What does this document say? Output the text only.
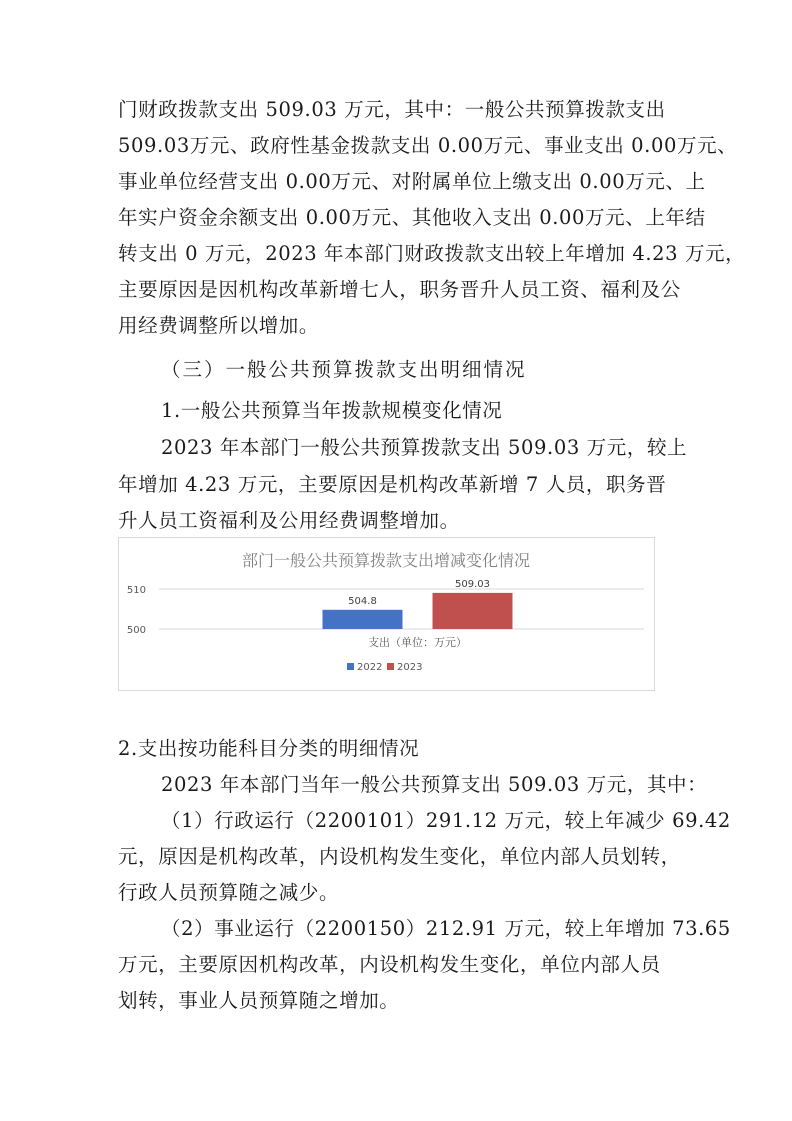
门财政拨款支出 509.03 万元，其中：一般公共预算拨款支出
509.03万元、政府性基金拨款支出 0.00万元、事业支出 0.00万元、
事业单位经营支出 0.00万元、对附属单位上缴支出 0.00万元、上
年实户资金余额支出 0.00万元、其他收入支出 0.00万元、上年结
转支出 0 万元，2023 年本部门财政拨款支出较上年增加 4.23 万元，
主要原因是因机构改革新增七人，职务晋升人员工资、福利及公
用经费调整所以增加。
（三）一般公共预算拨款支出明细情况
1.一般公共预算当年拨款规模变化情况
2023 年本部门一般公共预算拨款支出 509.03 万元，较上
年增加 4.23 万元，主要原因是机构改革新增 7 人员，职务晋
升人员工资福利及公用经费调整增加。
部门一般公共预算拨款支出增减变化情况
510
500
504.8
509.03
支出（单位：万元）
2022 2023
2.支出按功能科目分类的明细情况
2023 年本部门当年一般公共预算支出 509.03 万元，其中：
（1）行政运行（2200101）291.12 万元，较上年减少 69.42
元，原因是机构改革，内设机构发生变化，单位内部人员划转，
行政人员预算随之减少。
（2）事业运行（2200150）212.91 万元，较上年增加 73.65
万元，主要原因机构改革，内设机构发生变化，单位内部人员
划转，事业人员预算随之增加。
